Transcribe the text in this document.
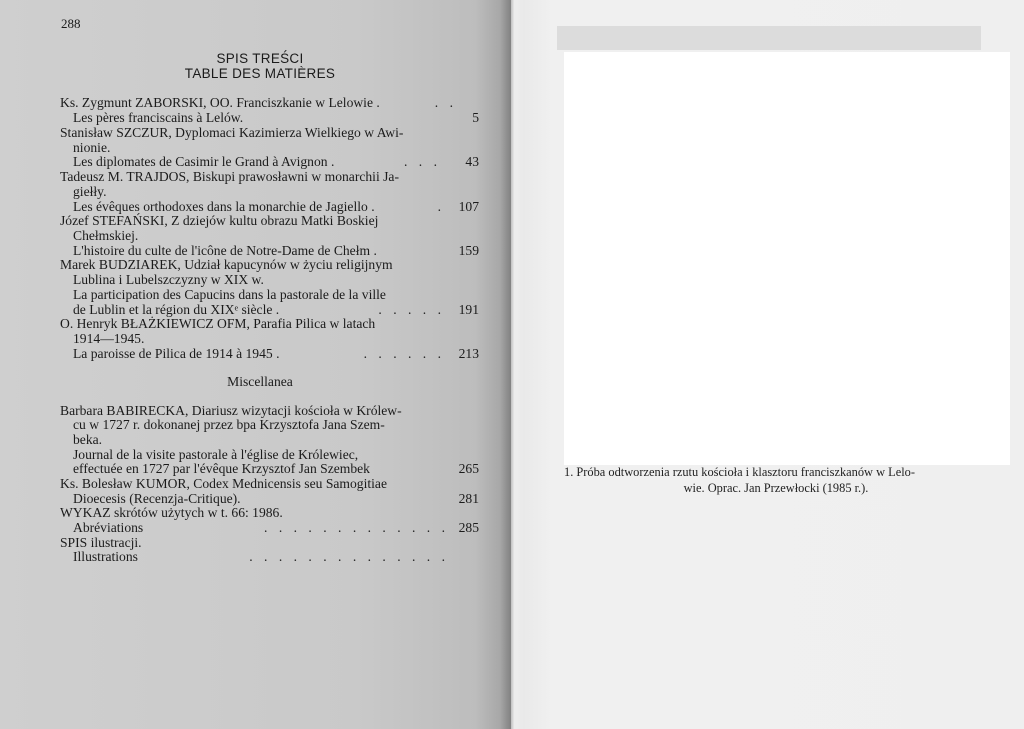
288
SPIS TREŚCI
TABLE DES MATIÈRES
Ks. Zygmunt ZABORSKI, OO. Franciszkanie w Lelowie .	. .
Les pères franciscains à Lelów.	5
Stanisław SZCZUR, Dyplomaci Kazimierza Wielkiego w Awi-
nionie.
Les diplomates de Casimir le Grand à Avignon .	. . . 43
Tadeusz M. TRAJDOS, Biskupi prawosławni w monarchii Ja-
giełły.
Les évêques orthodoxes dans la monarchie de Jagiello .	. 107
Józef STEFAŃSKI, Z dziejów kultu obrazu Matki Boskiej
Chełmskiej.
L'histoire du culte de l'icône de Notre-Dame de Chełm .	159
Marek BUDZIAREK, Udział kapucynów w życiu religijnym
Lublina i Lubelszczyzny w XIX w.
La participation des Capucins dans la pastorale de la ville
de Lublin et la région du XIXᵉ siècle .	. . . . . 191
O. Henryk BŁAŻKIEWICZ OFM, Parafia Pilica w latach
1914—1945.
La paroisse de Pilica de 1914 à 1945 .	. . . . . . 213
Miscellanea
Barbara BABIRECKA, Diariusz wizytacji kościoła w Królew-
cu w 1727 r. dokonanej przez bpa Krzysztofa Jana Szem-
beka.
Journal de la visite pastorale à l'église de Królewiec,
effectuée en 1727 par l'évêque Krzysztof Jan Szembek	265
Ks. Bolesław KUMOR, Codex Mednicensis seu Samogitiae
Dioecesis (Recenzja-Critique).	281
WYKAZ skrótów użytych w t. 66: 1986.
Abréviations	. . . . . . . . . . . . . 285
SPIS ilustracji.
Illustrations	. . . . . . . . . . . . . .
1. Próba odtworzenia rzutu kościoła i klasztoru franciszkanów w Lelo-
wie. Oprac. Jan Przewłocki (1985 r.).
